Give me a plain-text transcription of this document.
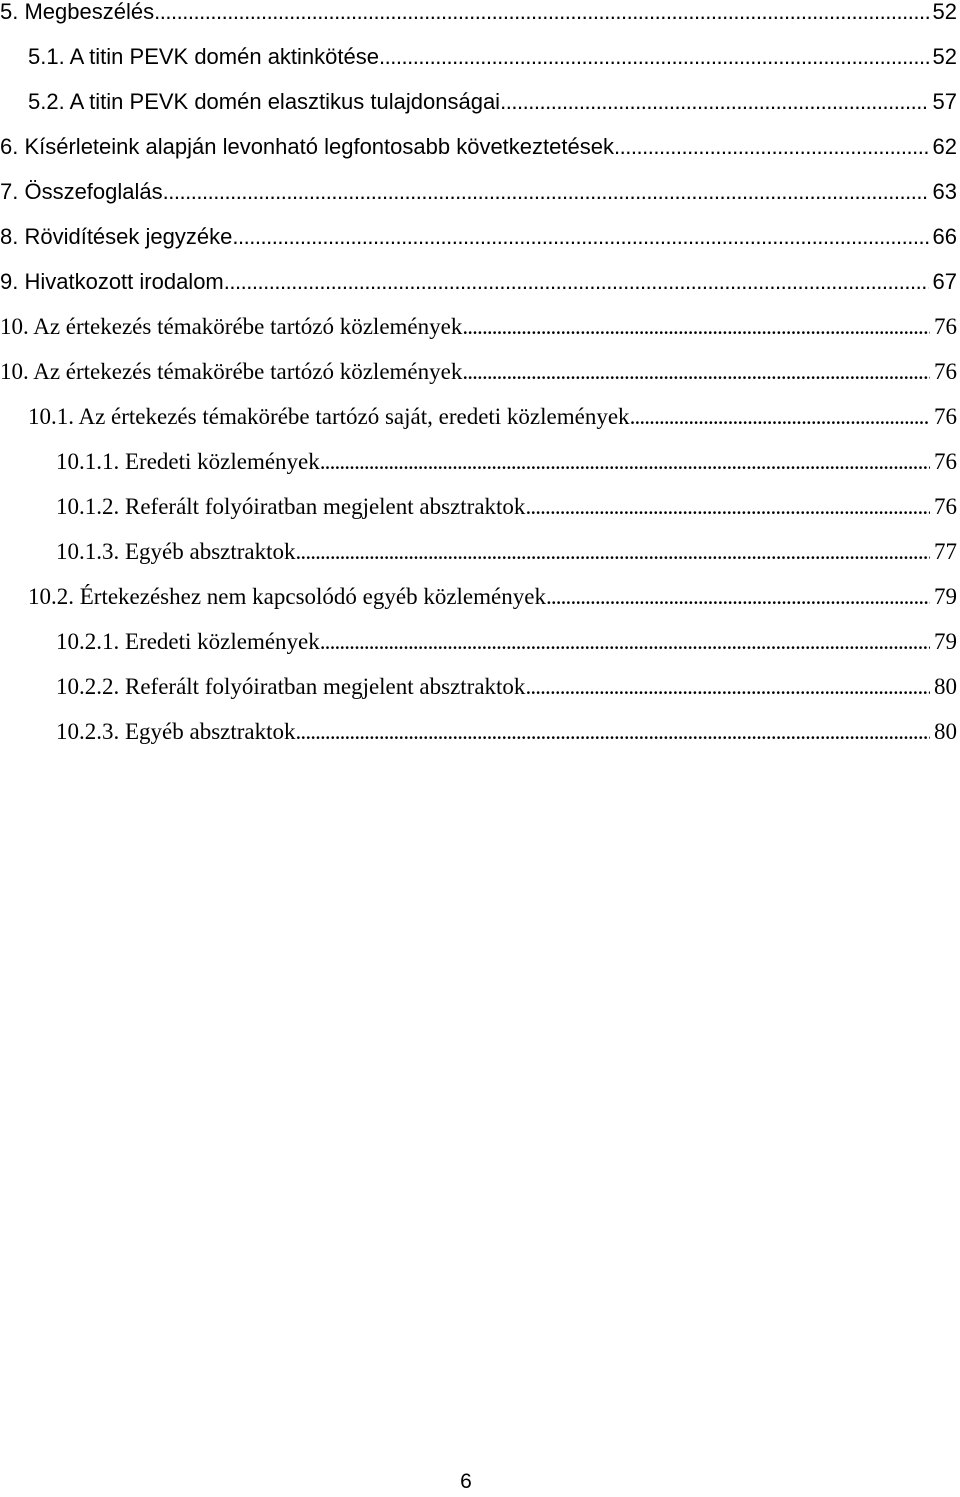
5. Megbeszélés . . .	52
5.1. A titin PEVK domén aktinkötése . . .	52
5.2. A titin PEVK domén elasztikus tulajdonságai . . .	57
6. Kísérleteink alapján levonható legfontosabb következtetések . . .	62
7. Összefoglalás . . .	63
8. Rövidítések jegyzéke . . .	66
9. Hivatkozott irodalom . . .	67
10. Az értekezés témakörébe tartózó közlemények . . .	76
10. Az értekezés témakörébe tartózó közlemények . . .	76
10.1. Az értekezés témakörébe tartózó saját, eredeti közlemények . . .	76
10.1.1. Eredeti közlemények . . .	76
10.1.2. Referált folyóiratban megjelent absztraktok . . .	76
10.1.3. Egyéb absztraktok . . .	77
10.2. Értekezéshez nem kapcsolódó egyéb közlemények . . .	79
10.2.1. Eredeti közlemények . . .	79
10.2.2. Referált folyóiratban megjelent absztraktok . . .	80
10.2.3. Egyéb absztraktok . . .	80
6
